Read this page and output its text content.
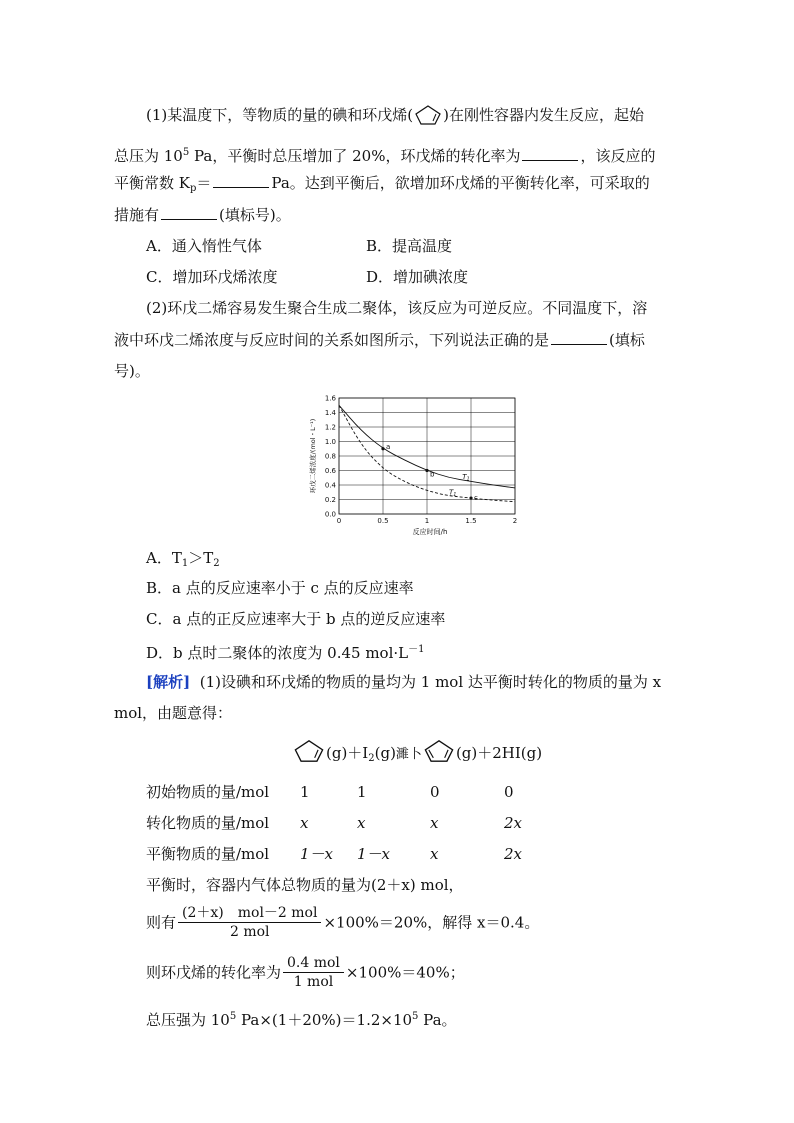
(1)某温度下，等物质的量的碘和环戊烯( )在刚性容器内发生反应，起始
总压为 $10^5$ Pa，平衡时总压增加了 20%，环戊烯的转化率为	，该反应的
平衡常数 $K_p=$	Pa。达到平衡后，欲增加环戊烯的平衡转化率，可采取的
措施有	(填标号)。
A．通入惰性气体	B．提高温度
C．增加环戊烯浓度	D．增加碘浓度
(2)环戊二烯容易发生聚合生成二聚体，该反应为可逆反应。不同温度下，溶
液中环戊二烯浓度与反应时间的关系如图所示，下列说法正确的是	(填标
号)。
0	0.5	1	1.5	2
0.0
0.2
0.4
0.6
0.8
1.0
1.2
1.4
1.6
a
b
c
$T_1$
$T_1$
反应时间/h
环戊二烯浓度/(mol・L⁻¹)
A．$T_1>T_2$
B．a 点的反应速率小于 c 点的反应速率
C．a 点的正反应速率大于 b 点的逆反应速率
D．b 点时二聚体的浓度为 0.45 $mol\cdot L^{-1}$
[解析] (1)设碘和环戊烯的物质的量均为 1 mol 达平衡时转化的物质的量为 x
mol，由题意得：
$(g)+I_2(g)$濉卜 (g)＋2HI(g)
初始物质的量/mol 1	1	0	0
转化物质的量/mol x	x	x	2x
平衡物质的量/mol 1－x 1－x	x	2x
平衡时，容器内气体总物质的量为(2＋x) mol，
则有 $\frac{\text{(2＋x)　mol－2 mol}}{\text{2 mol}} \times 100\%=20\%$，解得 x＝0.4。
则环戊烯的转化率为 $\frac{\text{0.4 mol}}{\text{1 mol}} \times 100\%=40\%$；
总压强为 $10^5$ $Pa\times(1+20\%)=1.2\times 10^5$ Pa。
